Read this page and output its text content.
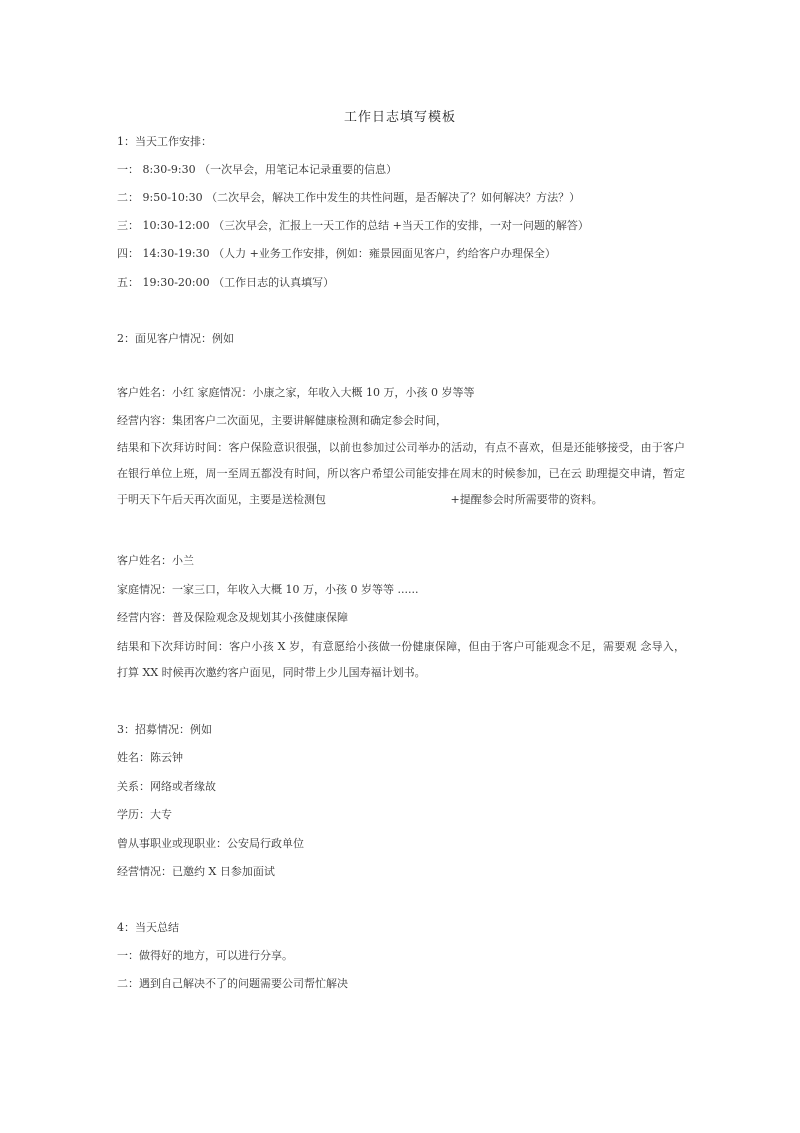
工作日志填写模板
1：当天工作安排：
一： 8:30-9:30 （一次早会，用笔记本记录重要的信息）
二： 9:50-10:30 （二次早会，解决工作中发生的共性问题，是否解决了？如何解决？方法？）
三： 10:30-12:00 （三次早会，汇报上一天工作的总结 +当天工作的安排，一对一问题的解答）
四： 14:30-19:30 （人力 +业务工作安排，例如：雍景园面见客户，约给客户办理保全）
五： 19:30-20:00 （工作日志的认真填写）
2：面见客户情况：例如
客户姓名：小红 家庭情况：小康之家，年收入大概 10 万，小孩 0 岁等等
经营内容：集团客户二次面见，主要讲解健康检测和确定参会时间，
结果和下次拜访时间：客户保险意识很强，以前也参加过公司举办的活动，有点不喜欢，但是还能够接受，由于客户在银行单位上班，周一至周五都没有时间，所以客户希望公司能安排在周末的时候参加，已在云 助理提交申请，暂定于明天下午后天再次面见，主要是送检测包 　　　　　　　　　　　+提醒参会时所需要带的资料。
客户姓名：小兰
家庭情况：一家三口，年收入大概 10 万，小孩 0 岁等等 ......
经营内容：普及保险观念及规划其小孩健康保障
结果和下次拜访时间：客户小孩 X 岁，有意愿给小孩做一份健康保障，但由于客户可能观念不足，需要观 念导入，打算 XX 时候再次邀约客户面见，同时带上少儿国寿福计划书。
3：招募情况：例如
姓名：陈云钟
关系：网络或者缘故
学历：大专
曾从事职业或现职业：公安局行政单位
经营情况：已邀约 X 日参加面试
4：当天总结
一：做得好的地方，可以进行分享。
二：遇到自己解决不了的问题需要公司帮忙解决
